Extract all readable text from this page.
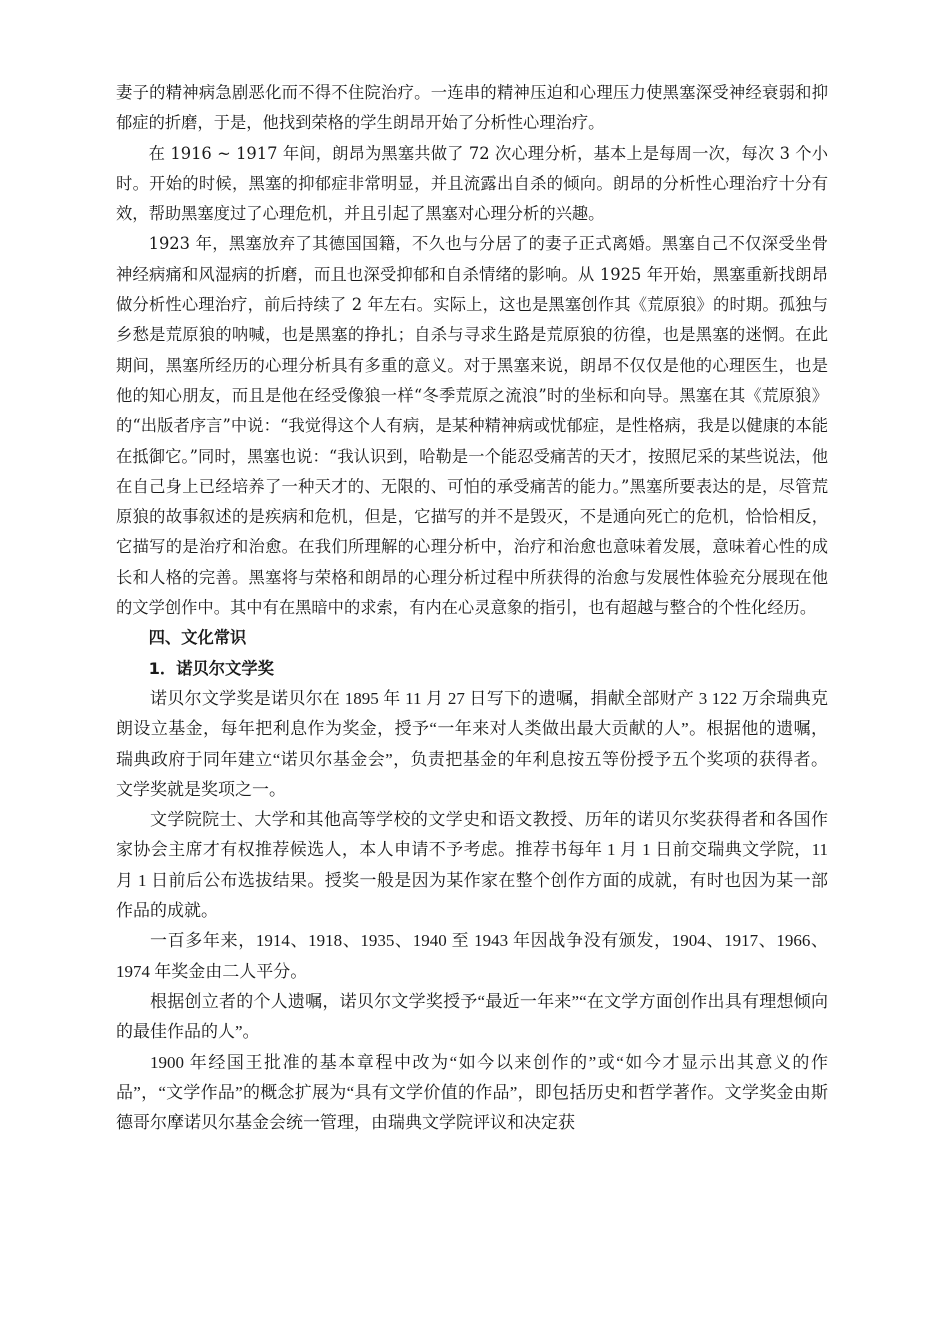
妻子的精神病急剧恶化而不得不住院治疗。一连串的精神压迫和心理压力使黑塞深受神经衰弱和抑郁症的折磨，于是，他找到荣格的学生朗昂开始了分析性心理治疗。

在 1916 ~ 1917 年间，朗昂为黑塞共做了 72 次心理分析，基本上是每周一次，每次 3 个小时。开始的时候，黑塞的抑郁症非常明显，并且流露出自杀的倾向。朗昂的分析性心理治疗十分有效，帮助黑塞度过了心理危机，并且引起了黑塞对心理分析的兴趣。

1923 年，黑塞放弃了其德国国籍，不久也与分居了的妻子正式离婚。黑塞自己不仅深受坐骨神经病痛和风湿病的折磨，而且也深受抑郁和自杀情绪的影响。从 1925 年开始，黑塞重新找朗昂做分析性心理治疗，前后持续了 2 年左右。实际上，这也是黑塞创作其《荒原狼》的时期。孤独与乡愁是荒原狼的呐喊，也是黑塞的挣扎；自杀与寻求生路是荒原狼的彷徨，也是黑塞的迷惘。在此期间，黑塞所经历的心理分析具有多重的意义。对于黑塞来说，朗昂不仅仅是他的心理医生，也是他的知心朋友，而且是他在经受像狼一样“冬季荒原之流浪”时的坐标和向导。黑塞在其《荒原狼》的“出版者序言”中说：“我觉得这个人有病，是某种精神病或忧郁症，是性格病，我是以健康的本能在抵御它。”同时，黑塞也说：“我认识到，哈勒是一个能忍受痛苦的天才，按照尼采的某些说法，他在自己身上已经培养了一种天才的、无限的、可怕的承受痛苦的能力。”黑塞所要表达的是，尽管荒原狼的故事叙述的是疾病和危机，但是，它描写的并不是毁灭，不是通向死亡的危机，恰恰相反，它描写的是治疗和治愈。在我们所理解的心理分析中，治疗和治愈也意味着发展，意味着心性的成长和人格的完善。黑塞将与荣格和朗昂的心理分析过程中所获得的治愈与发展性体验充分展现在他的文学创作中。其中有在黑暗中的求索，有内在心灵意象的指引，也有超越与整合的个性化经历。

四、文化常识
1．诺贝尔文学奖

诺贝尔文学奖是诺贝尔在 1895 年 11 月 27 日写下的遗嘱，捐献全部财产 3 122 万余瑞典克朗设立基金，每年把利息作为奖金，授予“一年来对人类做出最大贡献的人”。根据他的遗嘱，瑞典政府于同年建立“诺贝尔基金会”，负责把基金的年利息按五等份授予五个奖项的获得者。文学奖就是奖项之一。

文学院院士、大学和其他高等学校的文学史和语文教授、历年的诺贝尔奖获得者和各国作家协会主席才有权推荐候选人，本人申请不予考虑。推荐书每年 1 月 1 日前交瑞典文学院，11 月 1 日前后公布选拔结果。授奖一般是因为某作家在整个创作方面的成就，有时也因为某一部作品的成就。

一百多年来，1914、1918、1935、1940 至 1943 年因战争没有颁发，1904、1917、1966、1974 年奖金由二人平分。

根据创立者的个人遗嘱，诺贝尔文学奖授予“最近一年来”“在文学方面创作出具有理想倾向的最佳作品的人”。

1900 年经国王批准的基本章程中改为“如今以来创作的”或“如今才显示出其意义的作品”，“文学作品”的概念扩展为“具有文学价值的作品”，即包括历史和哲学著作。文学奖金由斯德哥尔摩诺贝尔基金会统一管理，由瑞典文学院评议和决定获
